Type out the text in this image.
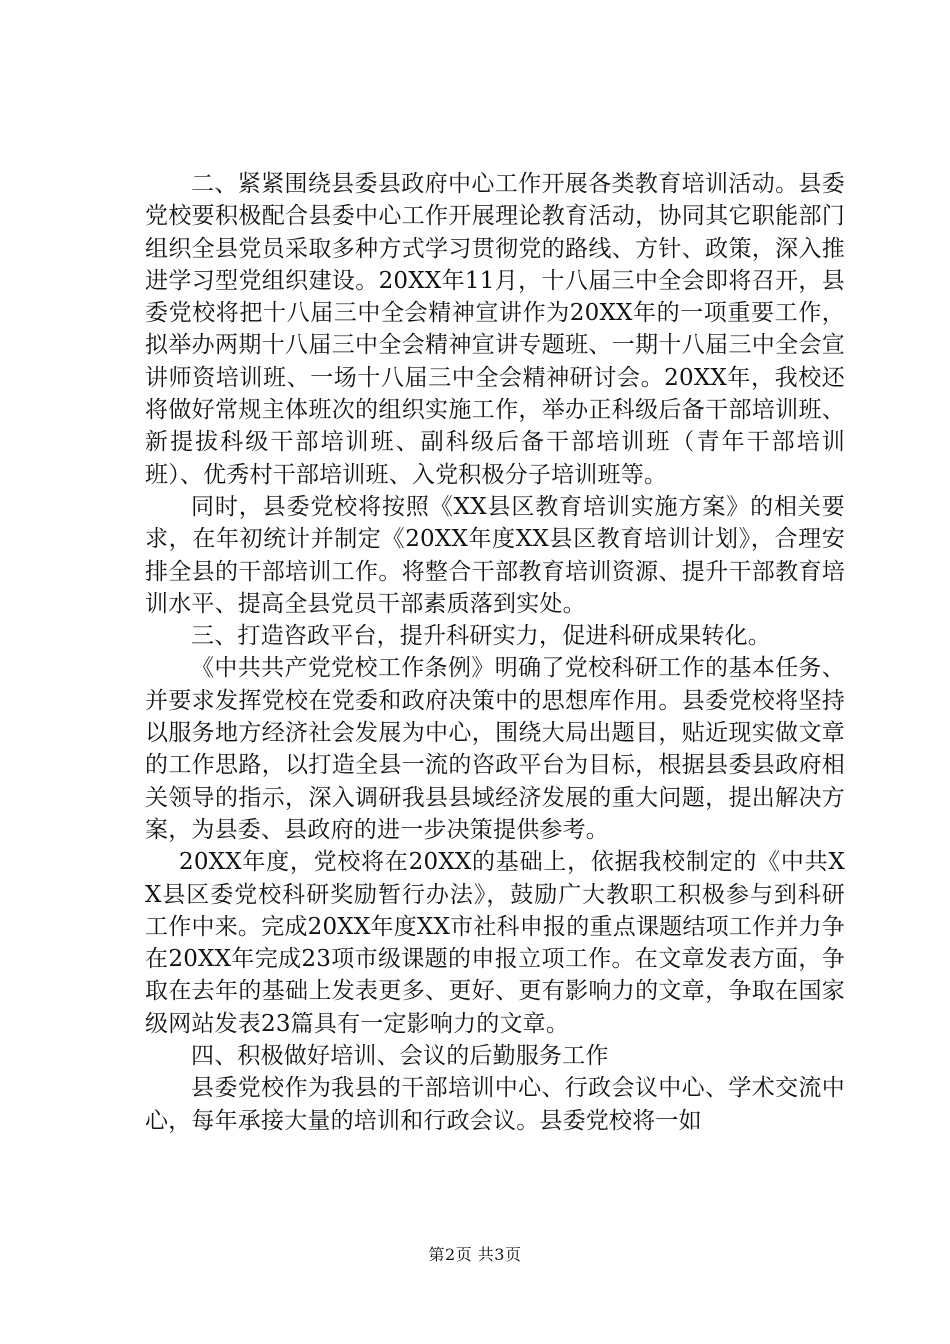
二、紧紧围绕县委县政府中心工作开展各类教育培训活动。县委党校要积极配合县委中心工作开展理论教育活动，协同其它职能部门组织全县党员采取多种方式学习贯彻党的路线、方针、政策，深入推进学习型党组织建设。20XX年11月，十八届三中全会即将召开，县委党校将把十八届三中全会精神宣讲作为20XX年的一项重要工作，拟举办两期十八届三中全会精神宣讲专题班、一期十八届三中全会宣讲师资培训班、一场十八届三中全会精神研讨会。20XX年，我校还将做好常规主体班次的组织实施工作，举办正科级后备干部培训班、新提拔科级干部培训班、副科级后备干部培训班（青年干部培训班）、优秀村干部培训班、入党积极分子培训班等。

同时，县委党校将按照《XX县区教育培训实施方案》的相关要求，在年初统计并制定《20XX年度XX县区教育培训计划》，合理安排全县的干部培训工作。将整合干部教育培训资源、提升干部教育培训水平、提高全县党员干部素质落到实处。

三、打造咨政平台，提升科研实力，促进科研成果转化。

《中共共产党党校工作条例》明确了党校科研工作的基本任务、并要求发挥党校在党委和政府决策中的思想库作用。县委党校将坚持以服务地方经济社会发展为中心，围绕大局出题目，贴近现实做文章的工作思路，以打造全县一流的咨政平台为目标，根据县委县政府相关领导的指示，深入调研我县县域经济发展的重大问题，提出解决方案，为县委、县政府的进一步决策提供参考。

20XX年度，党校将在20XX的基础上，依据我校制定的《中共XX县区委党校科研奖励暂行办法》，鼓励广大教职工积极参与到科研工作中来。完成20XX年度XX市社科申报的重点课题结项工作并力争在20XX年完成23项市级课题的申报立项工作。在文章发表方面，争取在去年的基础上发表更多、更好、更有影响力的文章，争取在国家级网站发表23篇具有一定影响力的文章。

四、积极做好培训、会议的后勤服务工作

县委党校作为我县的干部培训中心、行政会议中心、学术交流中心，每年承接大量的培训和行政会议。县委党校将一如

第2页 共3页
